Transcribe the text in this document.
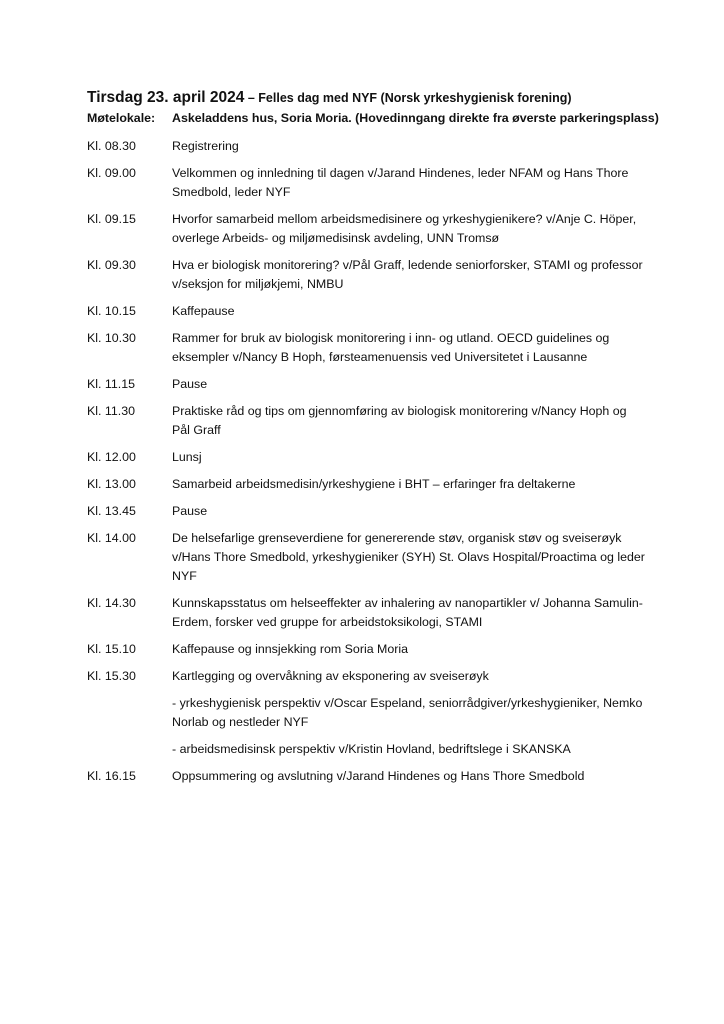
Tirsdag 23. april 2024 – Felles dag med NYF (Norsk yrkeshygienisk forening)

Møtelokale:	Askeladdens hus, Soria Moria. (Hovedinngang direkte fra øverste parkeringsplass)
Kl. 08.30	Registrering
Kl. 09.00	Velkommen og innledning til dagen v/Jarand Hindenes, leder NFAM og Hans Thore Smedbold, leder NYF
Kl. 09.15	Hvorfor samarbeid mellom arbeidsmedisinere og yrkeshygienikere? v/Anje C. Höper, overlege Arbeids- og miljømedisinsk avdeling, UNN Tromsø
Kl. 09.30	Hva er biologisk monitorering? v/Pål Graff, ledende seniorforsker, STAMI og professor v/seksjon for miljøkjemi, NMBU
Kl. 10.15	Kaffepause
Kl. 10.30	Rammer for bruk av biologisk monitorering i inn- og utland. OECD guidelines og eksempler v/Nancy B Hoph, førsteamenuensis ved Universitetet i Lausanne
Kl. 11.15	Pause
Kl. 11.30	Praktiske råd og tips om gjennomføring av biologisk monitorering v/Nancy Hoph og Pål Graff
Kl. 12.00	Lunsj
Kl. 13.00	Samarbeid arbeidsmedisin/yrkeshygiene i BHT – erfaringer fra deltakerne
Kl. 13.45	Pause
Kl. 14.00	De helsefarlige grenseverdiene for genererende støv, organisk støv og sveiserøyk v/Hans Thore Smedbold, yrkeshygieniker (SYH) St. Olavs Hospital/Proactima og leder NYF
Kl. 14.30	Kunnskapsstatus om helseeffekter av inhalering av nanopartikler v/ Johanna Samulin-Erdem, forsker ved gruppe for arbeidstoksikologi, STAMI
Kl. 15.10	Kaffepause og innsjekking rom Soria Moria
Kl. 15.30	Kartlegging og overvåkning av eksponering av sveiserøyk
- yrkeshygienisk perspektiv v/Oscar Espeland, seniorrådgiver/yrkeshygieniker, Nemko Norlab og nestleder NYF
- arbeidsmedisinsk perspektiv v/Kristin Hovland, bedriftslege i SKANSKA
Kl. 16.15	Oppsummering og avslutning v/Jarand Hindenes og Hans Thore Smedbold
